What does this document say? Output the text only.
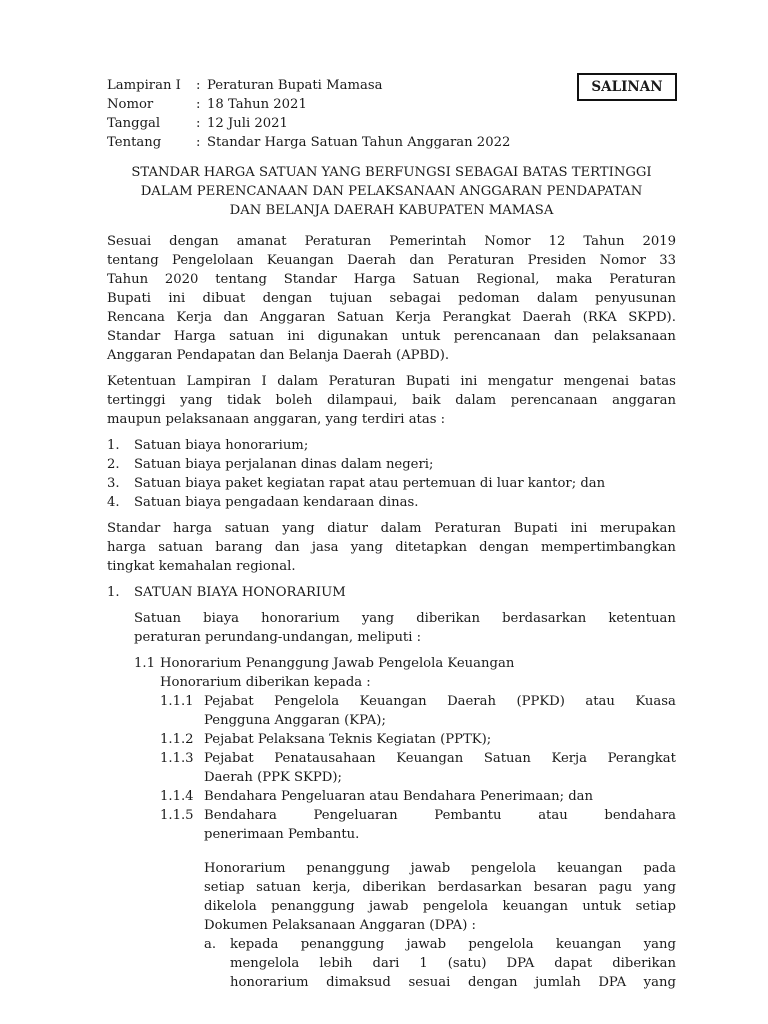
SALINAN
Lampiran I : Peraturan Bupati Mamasa
Nomor	: 18 Tahun 2021
Tanggal	: 12 Juli 2021
Tentang	: Standar Harga Satuan Tahun Anggaran 2022
STANDAR HARGA SATUAN YANG BERFUNGSI SEBAGAI BATAS TERTINGGI
DALAM PERENCANAAN DAN PELAKSANAAN ANGGARAN PENDAPATAN
DAN BELANJA DAERAH KABUPATEN MAMASA
Sesuai dengan amanat Peraturan Pemerintah Nomor 12 Tahun 2019
tentang Pengelolaan Keuangan Daerah dan Peraturan Presiden Nomor 33
Tahun 2020 tentang Standar Harga Satuan Regional, maka Peraturan
Bupati ini dibuat dengan tujuan sebagai pedoman dalam penyusunan
Rencana Kerja dan Anggaran Satuan Kerja Perangkat Daerah (RKA SKPD).
Standar Harga satuan ini digunakan untuk perencanaan dan pelaksanaan
Anggaran Pendapatan dan Belanja Daerah (APBD).
Ketentuan Lampiran I dalam Peraturan Bupati ini mengatur mengenai batas
tertinggi yang tidak boleh dilampaui, baik dalam perencanaan anggaran
maupun pelaksanaan anggaran, yang terdiri atas :
1. Satuan biaya honorarium;
2. Satuan biaya perjalanan dinas dalam negeri;
3. Satuan biaya paket kegiatan rapat atau pertemuan di luar kantor; dan
4. Satuan biaya pengadaan kendaraan dinas.
Standar harga satuan yang diatur dalam Peraturan Bupati ini merupakan
harga satuan barang dan jasa yang ditetapkan dengan mempertimbangkan
tingkat kemahalan regional.
1. SATUAN BIAYA HONORARIUM
Satuan biaya honorarium yang diberikan berdasarkan ketentuan
peraturan perundang-undangan, meliputi :
1.1 Honorarium Penanggung Jawab Pengelola Keuangan
Honorarium diberikan kepada :
1.1.1 Pejabat Pengelola Keuangan Daerah (PPKD) atau Kuasa
Pengguna Anggaran (KPA);
1.1.2 Pejabat Pelaksana Teknis Kegiatan (PPTK);
1.1.3 Pejabat Penatausahaan Keuangan Satuan Kerja Perangkat
Daerah (PPK SKPD);
1.1.4 Bendahara Pengeluaran atau Bendahara Penerimaan; dan
1.1.5 Bendahara	Pengeluaran	Pembantu	atau	bendahara
penerimaan Pembantu.
Honorarium penanggung jawab pengelola keuangan pada
setiap satuan kerja, diberikan berdasarkan besaran pagu yang
dikelola penanggung jawab pengelola keuangan untuk setiap
Dokumen Pelaksanaan Anggaran (DPA) :
a. kepada penanggung jawab pengelola keuangan yang
mengelola lebih dari 1 (satu) DPA dapat diberikan
honorarium dimaksud sesuai dengan jumlah DPA yang
